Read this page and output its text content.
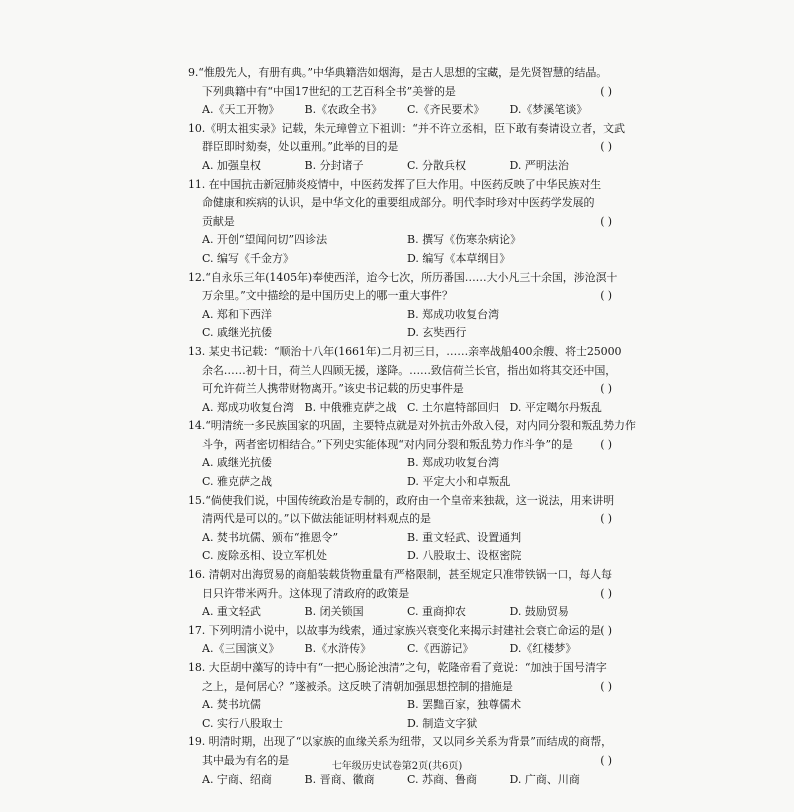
9.“惟殷先人，有册有典。”中华典籍浩如烟海，是古人思想的宝藏，是先贤智慧的结晶。
下列典籍中有“中国17世纪的工艺百科全书”美誉的是	( )
A.《天工开物》	B.《农政全书》	C.《齐民要术》	D.《梦溪笔谈》
10.《明太祖实录》记载，朱元璋曾立下祖训：“并不许立丞相，臣下敢有奏请设立者，文武
群臣即时劾奏，处以重刑。”此举的目的是	( )
A. 加强皇权	B. 分封诸子	C. 分散兵权	D. 严明法治
11. 在中国抗击新冠肺炎疫情中，中医药发挥了巨大作用。中医药反映了中华民族对生
命健康和疾病的认识，是中华文化的重要组成部分。明代李时珍对中医药学发展的
贡献是	( )
A. 开创“望闻问切”四诊法	B. 撰写《伤寒杂病论》
C. 编写《千金方》	D. 编写《本草纲目》
12.“自永乐三年(1405年)奉使西洋，迨今七次，所历番国……大小凡三十余国，涉沧溟十
万余里。”文中描绘的是中国历史上的哪一重大事件？	( )
A. 郑和下西洋	B. 郑成功收复台湾
C. 戚继光抗倭	D. 玄奘西行
13. 某史书记载：“顺治十八年(1661年)二月初三日，……亲率战船400余艘、将士25000
余名……初十日，荷兰人四顾无援，遂降。……致信荷兰长官，指出如将其交还中国，
可允许荷兰人携带财物离开。”该史书记载的历史事件是	( )
A. 郑成功收复台湾 B. 中俄雅克萨之战 C. 土尔扈特部回归 D. 平定噶尔丹叛乱
14.“明清统一多民族国家的巩固，主要特点就是对外抗击外敌入侵，对内同分裂和叛乱势力作
斗争，两者密切相结合。”下列史实能体现“对内同分裂和叛乱势力作斗争”的是 ( )
A. 戚继光抗倭	B. 郑成功收复台湾
C. 雅克萨之战	D. 平定大小和卓叛乱
15.“倘使我们说，中国传统政治是专制的，政府由一个皇帝来独裁，这一说法，用来讲明
清两代是可以的。”以下做法能证明材料观点的是	( )
A. 焚书坑儒、颁布“推恩令”	B. 重文轻武、设置通判
C. 废除丞相、设立军机处	D. 八股取士、设枢密院
16. 清朝对出海贸易的商船装载货物重量有严格限制，甚至规定只准带铁锅一口，每人每
日只许带米两升。这体现了清政府的政策是	( )
A. 重文轻武	B. 闭关锁国	C. 重商抑农	D. 鼓励贸易
17. 下列明清小说中，以故事为线索，通过家族兴衰变化来揭示封建社会衰亡命运的是 ( )
A.《三国演义》	B.《水浒传》	C.《西游记》	D.《红楼梦》
18. 大臣胡中藻写的诗中有“一把心肠论浊清”之句，乾隆帝看了竟说：“加浊于国号清字
之上，是何居心？”遂被杀。这反映了清朝加强思想控制的措施是	( )
A. 焚书坑儒	B. 罢黜百家，独尊儒术
C. 实行八股取士	D. 制造文字狱
19. 明清时期，出现了“以家族的血缘关系为纽带，又以同乡关系为背景”而结成的商帮，
其中最为有名的是	( )
A. 宁商、绍商	B. 晋商、徽商	C. 苏商、鲁商	D. 广商、川商
七年级历史试卷第2页(共6页)
